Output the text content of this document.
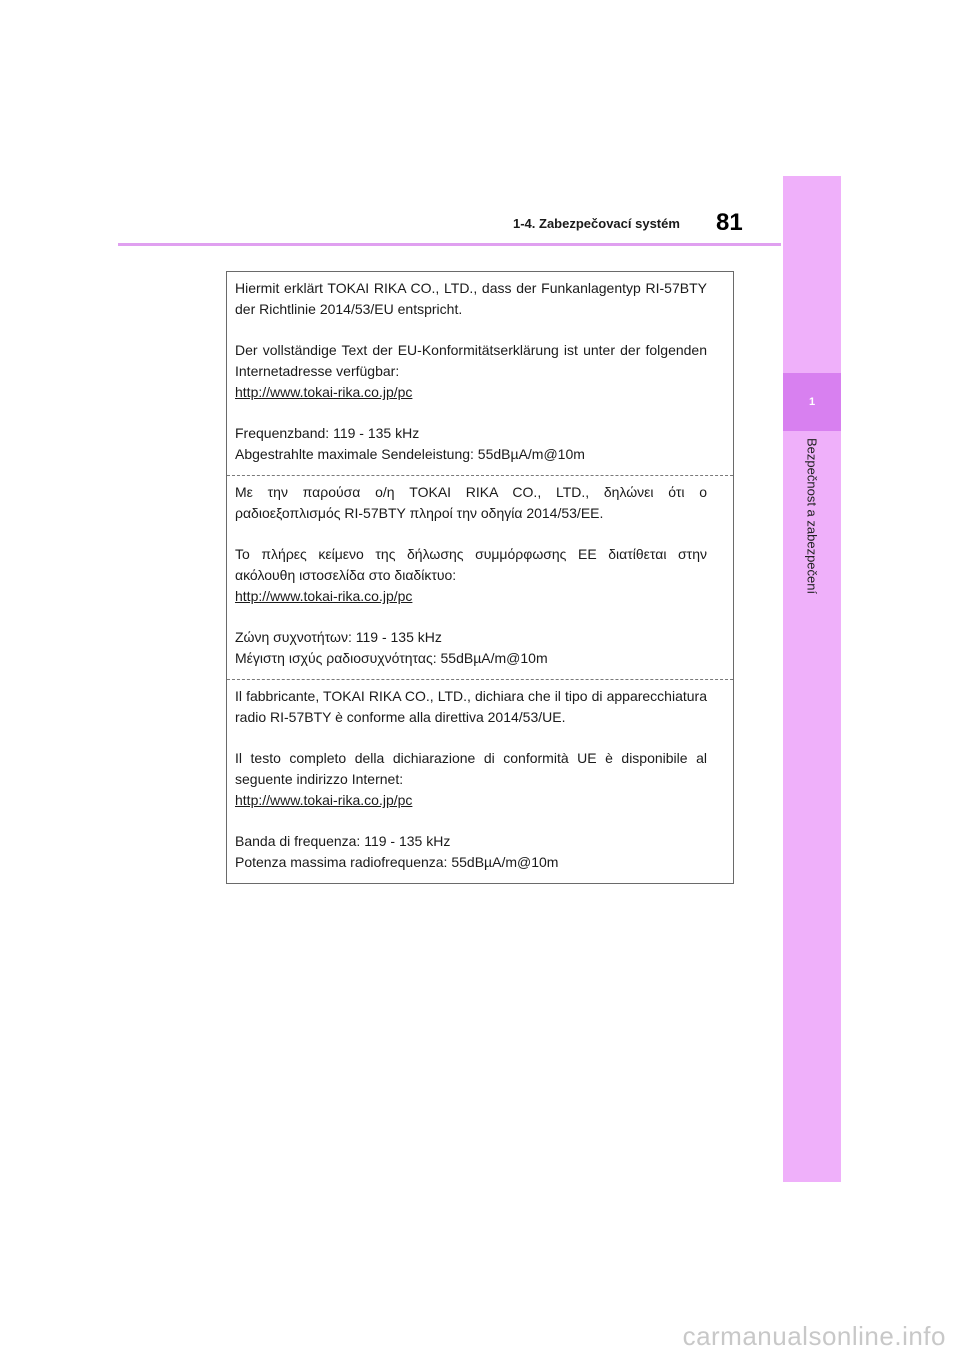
1-4. Zabezpečovací systém 81
1
Bezpečnost a zabezpečení

Hiermit erklärt TOKAI RIKA CO., LTD., dass der Funkanlagentyp RI-57BTY der Richtlinie 2014/53/EU entspricht.

Der vollständige Text der EU-Konformitätserklärung ist unter der folgenden Internetadresse verfügbar:
http://www.tokai-rika.co.jp/pc

Frequenzband: 119 - 135 kHz
Abgestrahlte maximale Sendeleistung: 55dBµA/m@10m

Με την παρούσα ο/η TOKAI RIKA CO., LTD., δηλώνει ότι ο ραδιοεξοπλισμός RI-57BTY πληροί την οδηγία 2014/53/ΕΕ.

Το πλήρες κείμενο της δήλωσης συμμόρφωσης ΕΕ διατίθεται στην ακόλουθη ιστοσελίδα στο διαδίκτυο:
http://www.tokai-rika.co.jp/pc

Ζώνη συχνοτήτων: 119 - 135 kHz
Μέγιστη ισχύς ραδιοσυχνότητας: 55dBµA/m@10m

Il fabbricante, TOKAI RIKA CO., LTD., dichiara che il tipo di apparecchiatura radio RI-57BTY è conforme alla direttiva 2014/53/UE.

Il testo completo della dichiarazione di conformità UE è disponibile al seguente indirizzo Internet:
http://www.tokai-rika.co.jp/pc

Banda di frequenza: 119 - 135 kHz
Potenza massima radiofrequenza: 55dBµA/m@10m

carmanualsonline.info
